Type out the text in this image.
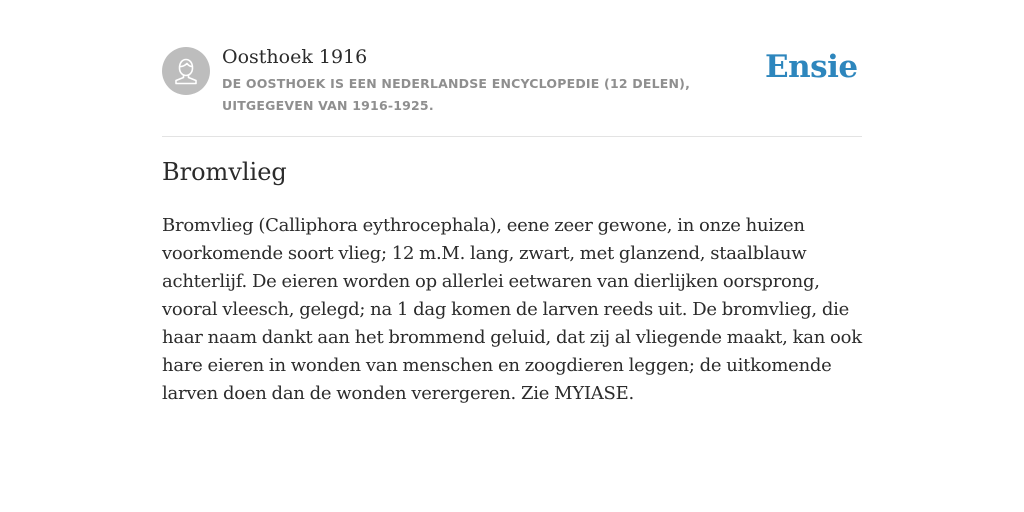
Oosthoek 1916
DE OOSTHOEK IS EEN NEDERLANDSE ENCYCLOPEDIE (12 DELEN), UITGEGEVEN VAN 1916-1925.
Ensie
Bromvlieg

Bromvlieg (Calliphora eythrocephala), eene zeer gewone, in onze huizen voorkomende soort vlieg; 12 m.M. lang, zwart, met glanzend, staalblauw achterlijf. De eieren worden op allerlei eetwaren van dierlijken oorsprong, vooral vleesch, gelegd; na 1 dag komen de larven reeds uit. De bromvlieg, die haar naam dankt aan het brommend geluid, dat zij al vliegende maakt, kan ook hare eieren in wonden van menschen en zoogdieren leggen; de uitkomende larven doen dan de wonden verergeren. Zie MYIASE.
